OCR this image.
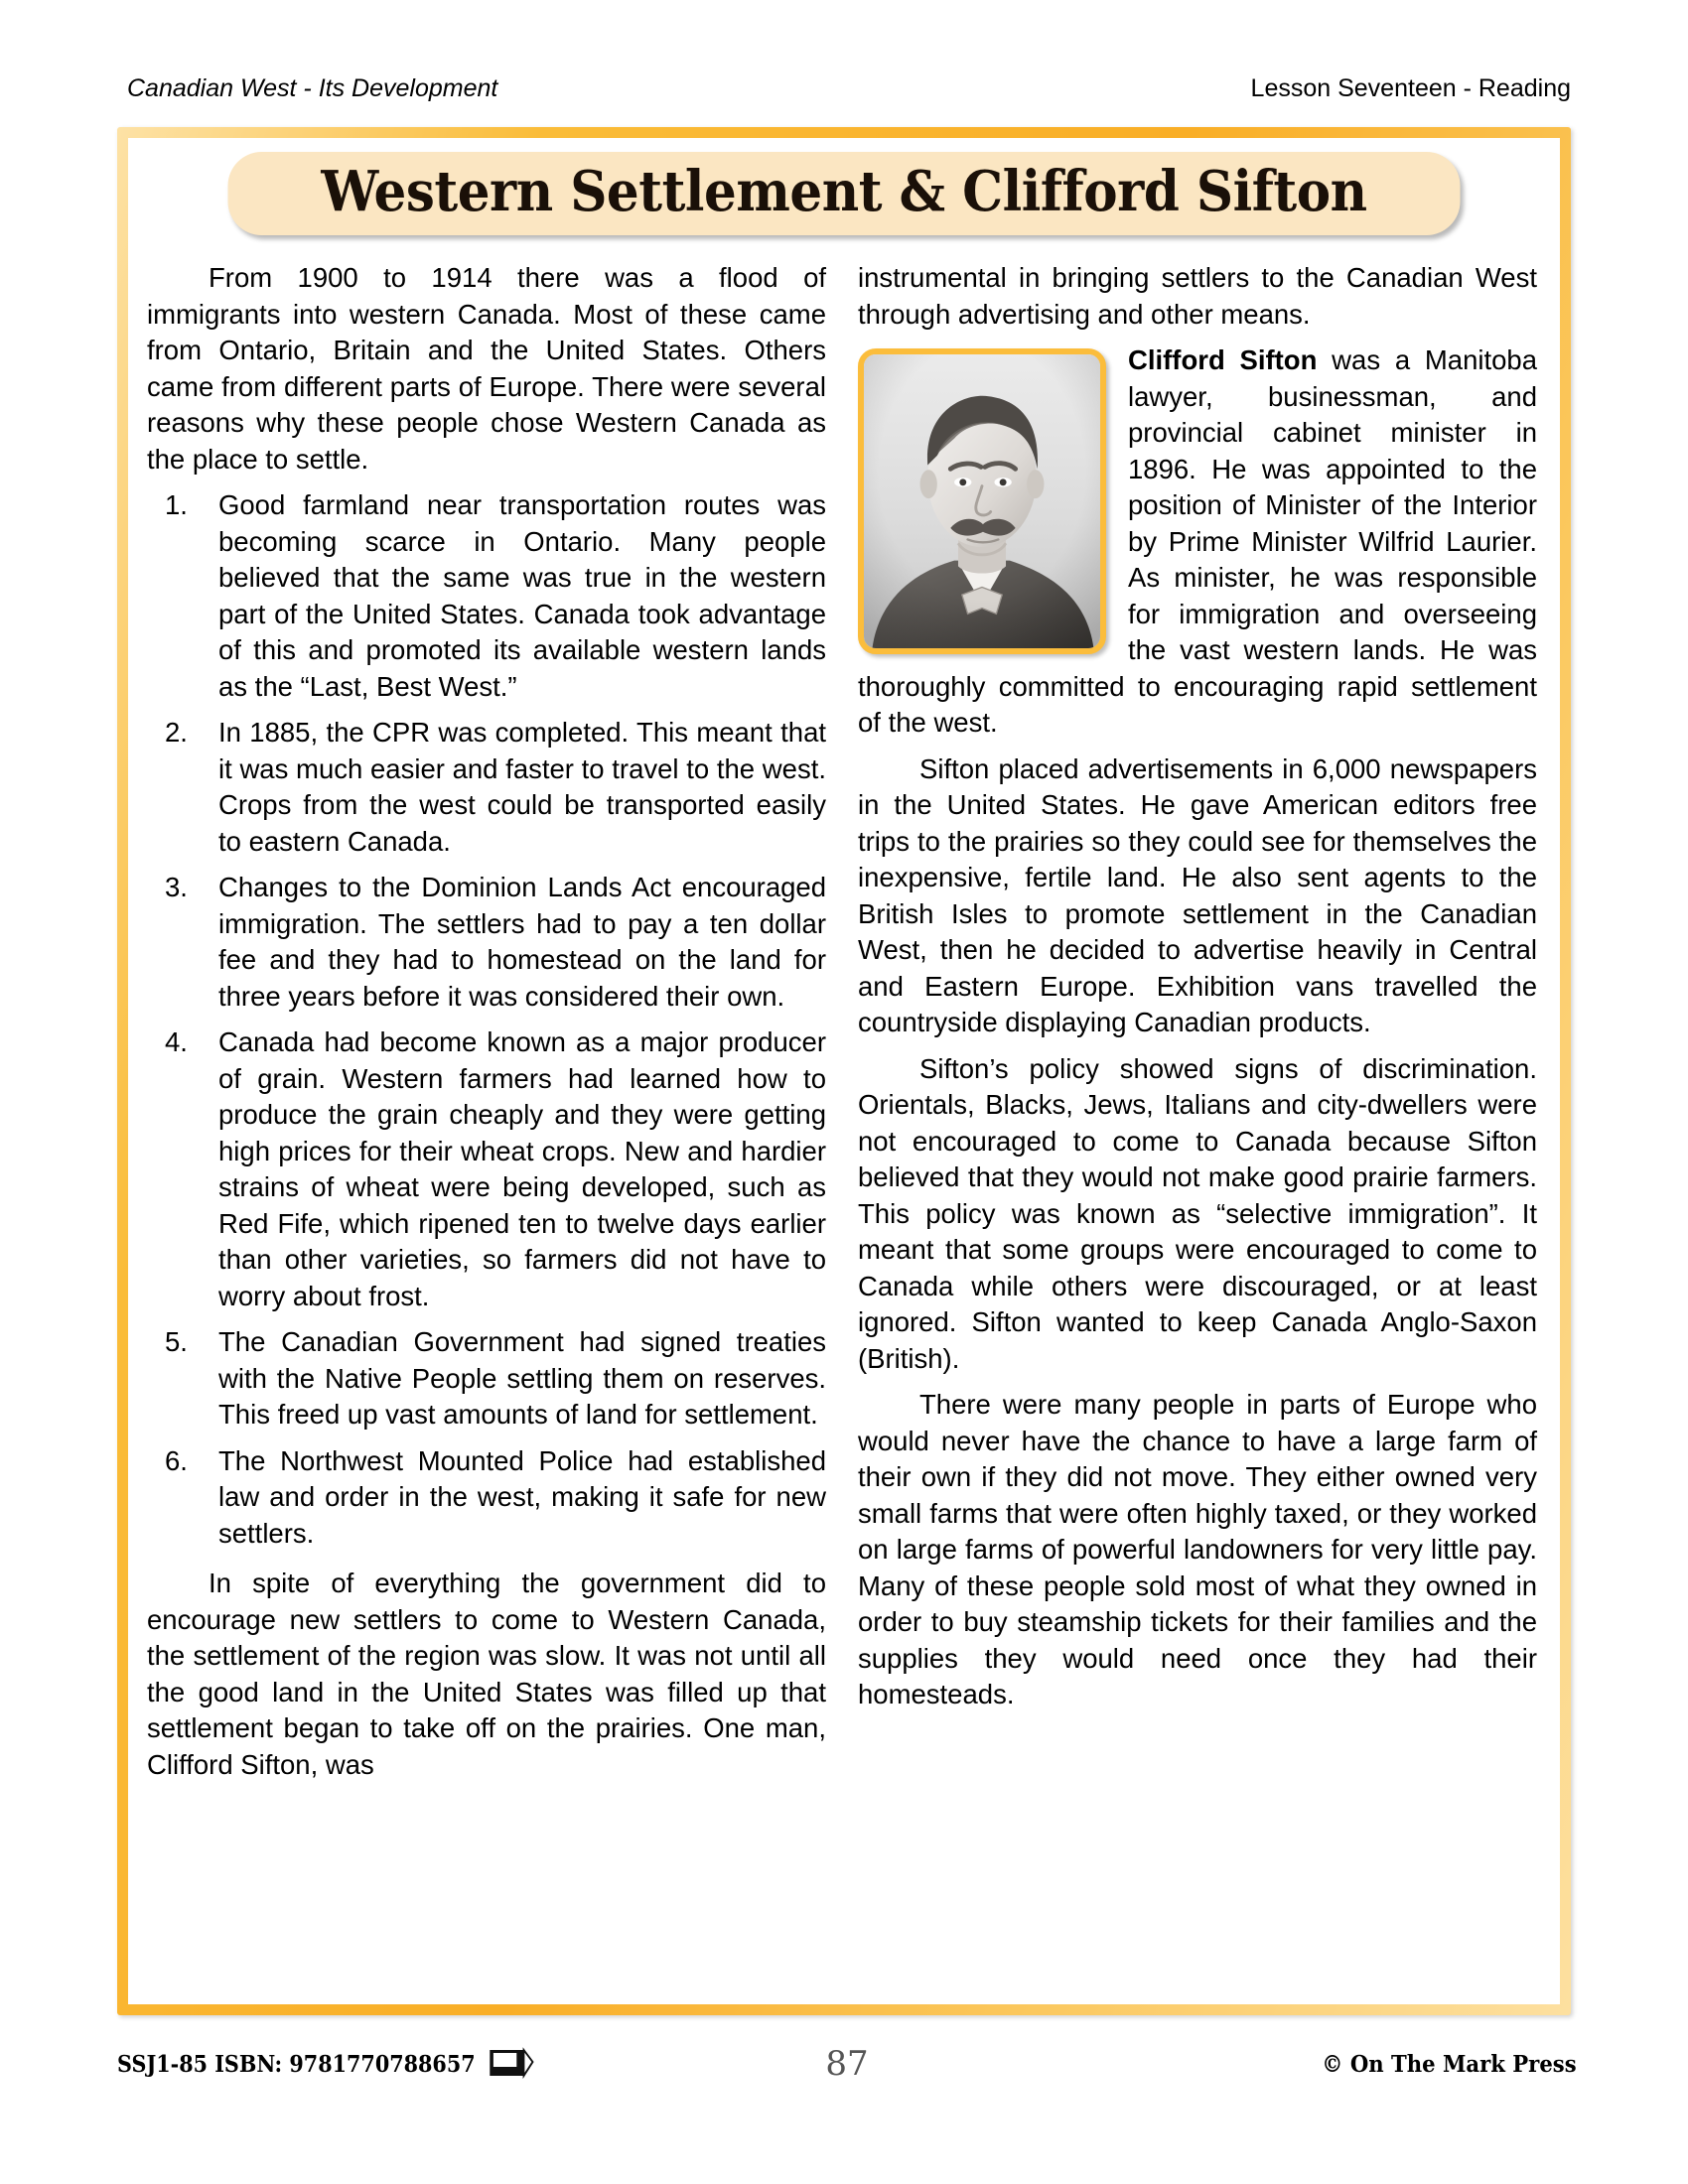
Canadian West - Its Development	Lesson Seventeen - Reading
Western Settlement & Clifford Sifton

From 1900 to 1914 there was a flood of immigrants into western Canada. Most of these came from Ontario, Britain and the United States. Others came from different parts of Europe. There were several reasons why these people chose Western Canada as the place to settle.

Good farmland near transportation routes was becoming scarce in Ontario. Many people believed that the same was true in the western part of the United States. Canada took advantage of this and promoted its available western lands as the “Last, Best West.”
In 1885, the CPR was completed. This meant that it was much easier and faster to travel to the west. Crops from the west could be transported easily to eastern Canada.
Changes to the Dominion Lands Act encouraged immigration. The settlers had to pay a ten dollar fee and they had to homestead on the land for three years before it was considered their own.
Canada had become known as a major producer of grain. Western farmers had learned how to produce the grain cheaply and they were getting high prices for their wheat crops. New and hardier strains of wheat were being developed, such as Red Fife, which ripened ten to twelve days earlier than other varieties, so farmers did not have to worry about frost.
The Canadian Government had signed treaties with the Native People settling them on reserves. This freed up vast amounts of land for settlement.
The Northwest Mounted Police had established law and order in the west, making it safe for new settlers.

In spite of everything the government did to encourage new settlers to come to Western Canada, the settlement of the region was slow. It was not until all the good land in the United States was filled up that settlement began to take off on the prairies. One man, Clifford Sifton, was

instrumental in bringing settlers to the Canadian West through advertising and other means.

Clifford Sifton was a Manitoba lawyer, businessman, and provincial cabinet minister in 1896. He was appointed to the position of Minister of the Interior by Prime Minister Wilfrid Laurier. As minister, he was responsible for immigration and overseeing the vast western lands. He was thoroughly committed to encouraging rapid settlement of the west.

Sifton placed advertisements in 6,000 newspapers in the United States. He gave American editors free trips to the prairies so they could see for themselves the inexpensive, fertile land. He also sent agents to the British Isles to promote settlement in the Canadian West, then he decided to advertise heavily in Central and Eastern Europe. Exhibition vans travelled the countryside displaying Canadian products.

Sifton’s policy showed signs of discrimination. Orientals, Blacks, Jews, Italians and city-dwellers were not encouraged to come to Canada because Sifton believed that they would not make good prairie farmers. This policy was known as “selective immigration”. It meant that some groups were encouraged to come to Canada while others were discouraged, or at least ignored. Sifton wanted to keep Canada Anglo-Saxon (British).

There were many people in parts of Europe who would never have the chance to have a large farm of their own if they did not move. They either owned very small farms that were often highly taxed, or they worked on large farms of powerful landowners for very little pay. Many of these people sold most of what they owned in order to buy steamship tickets for their families and the supplies they would need once they had their homesteads.

SSJ1-85 ISBN: 9781770788657	87	© On The Mark Press
